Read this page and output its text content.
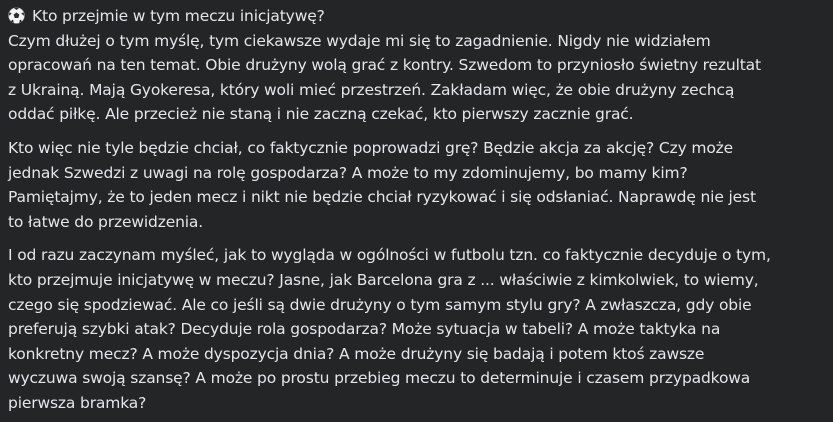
Kto przejmie w tym meczu inicjatywę?
Czym dłużej o tym myślę, tym ciekawsze wydaje mi się to zagadnienie. Nigdy nie widziałem
opracowań na ten temat. Obie drużyny wolą grać z kontry. Szwedom to przyniosło świetny rezultat
z Ukrainą. Mają Gyokeresa, który woli mieć przestrzeń. Zakładam więc, że obie drużyny zechcą
oddać piłkę. Ale przecież nie staną i nie zaczną czekać, kto pierwszy zacznie grać.
Kto więc nie tyle będzie chciał, co faktycznie poprowadzi grę? Będzie akcja za akcję? Czy może
jednak Szwedzi z uwagi na rolę gospodarza? A może to my zdominujemy, bo mamy kim?
Pamiętajmy, że to jeden mecz i nikt nie będzie chciał ryzykować i się odsłaniać. Naprawdę nie jest
to łatwe do przewidzenia.
I od razu zaczynam myśleć, jak to wygląda w ogólności w futbolu tzn. co faktycznie decyduje o tym,
kto przejmuje inicjatywę w meczu? Jasne, jak Barcelona gra z ... właściwie z kimkolwiek, to wiemy,
czego się spodziewać. Ale co jeśli są dwie drużyny o tym samym stylu gry? A zwłaszcza, gdy obie
preferują szybki atak? Decyduje rola gospodarza? Może sytuacja w tabeli? A może taktyka na
konkretny mecz? A może dyspozycja dnia? A może drużyny się badają i potem ktoś zawsze
wyczuwa swoją szansę? A może po prostu przebieg meczu to determinuje i czasem przypadkowa
pierwsza bramka?
